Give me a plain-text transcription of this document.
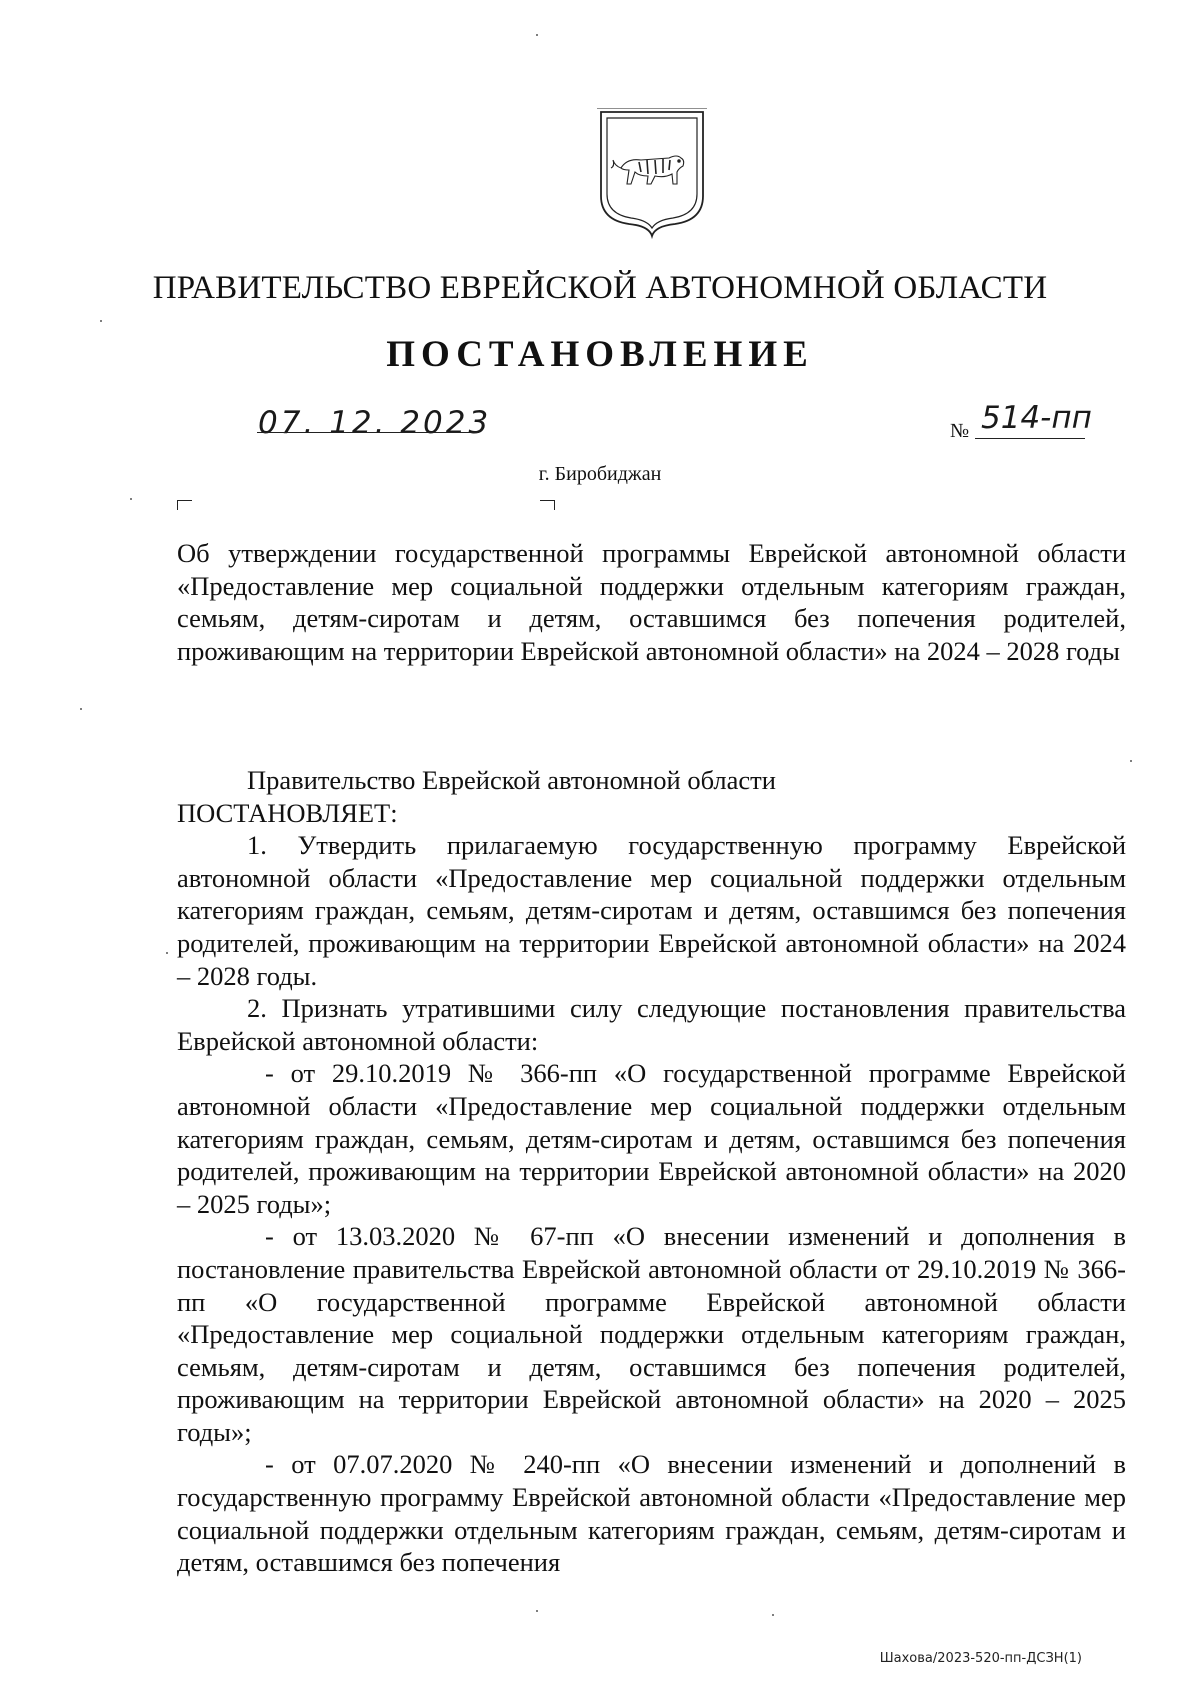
ПРАВИТЕЛЬСТВО ЕВРЕЙСКОЙ АВТОНОМНОЙ ОБЛАСТИ
ПОСТАНОВЛЕНИЕ
07. 12. 2023	№ 514-пп
г. Биробиджан
Об утверждении государственной программы Еврейской автономной области «Предоставление мер социальной поддержки отдельным категориям граждан, семьям, детям-сиротам и детям, оставшимся без попечения родителей, проживающим на территории Еврейской автономной области» на 2024 – 2028 годы

Правительство Еврейской автономной области

ПОСТАНОВЛЯЕТ:

1. Утвердить прилагаемую государственную программу Еврейской автономной области «Предоставление мер социальной поддержки отдельным категориям граждан, семьям, детям-сиротам и детям, оставшимся без попечения родителей, проживающим на территории Еврейской автономной области» на 2024 – 2028 годы.

2. Признать утратившими силу следующие постановления правительства Еврейской автономной области:

- от 29.10.2019 № 366-пп «О государственной программе Еврейской автономной области «Предоставление мер социальной поддержки отдельным категориям граждан, семьям, детям-сиротам и детям, оставшимся без попечения родителей, проживающим на территории Еврейской автономной области» на 2020 – 2025 годы»;

- от 13.03.2020 № 67-пп «О внесении изменений и дополнения в постановление правительства Еврейской автономной области от 29.10.2019 № 366-пп «О государственной программе Еврейской автономной области «Предоставление мер социальной поддержки отдельным категориям граждан, семьям, детям-сиротам и детям, оставшимся без попечения родителей, проживающим на территории Еврейской автономной области» на 2020 – 2025 годы»;

- от 07.07.2020 № 240-пп «О внесении изменений и дополнений в государственную программу Еврейской автономной области «Предоставление мер социальной поддержки отдельным категориям граждан, семьям, детям-сиротам и детям, оставшимся без попечения

Шахова/2023-520-пп-ДСЗН(1)
